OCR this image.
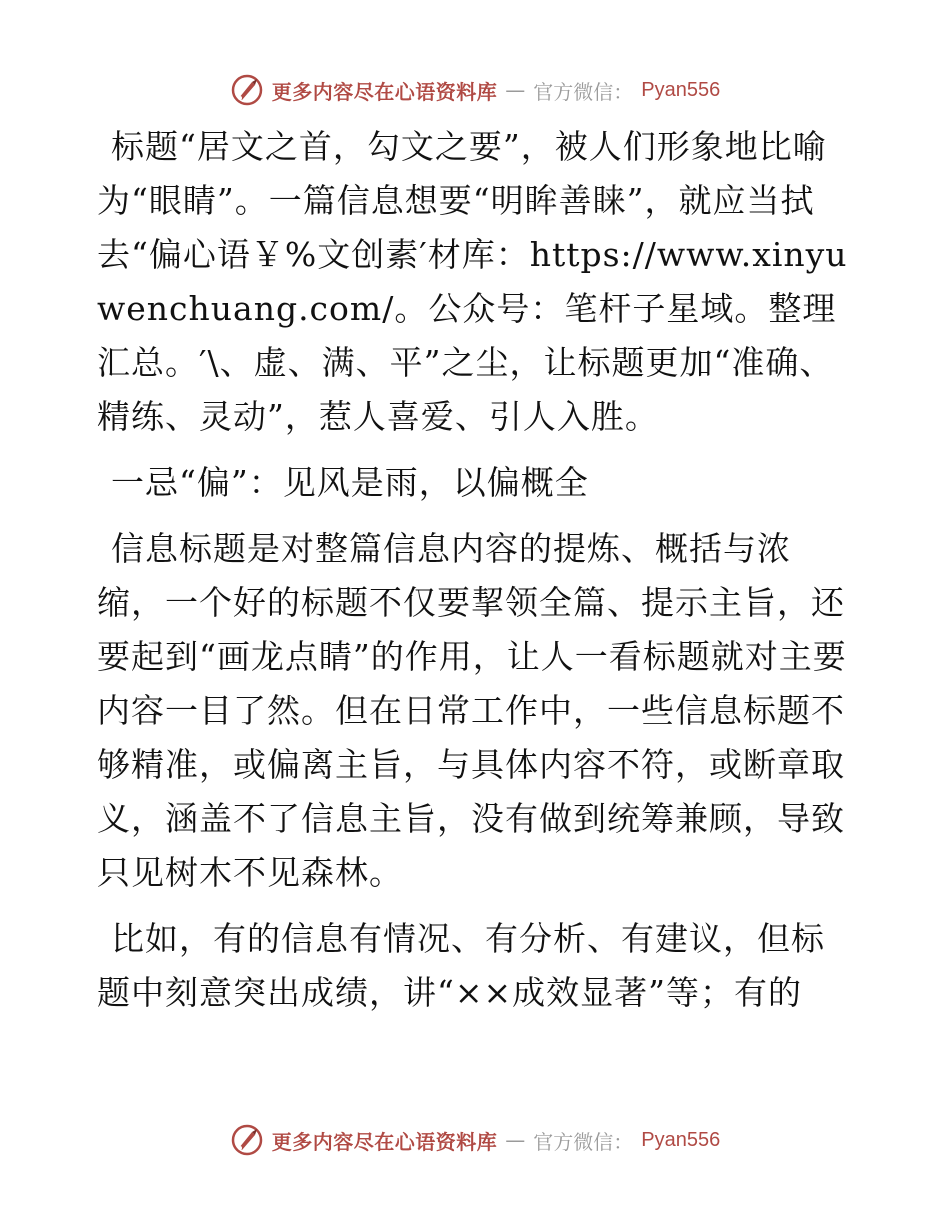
更多内容尽在心语资料库 — 官方微信： Pyan556

标题“居文之首，勾文之要”，被人们形象地比喻为“眼睛”。一篇信息想要“明眸善睐”，就应当拭去“偏心语￥%文创素′材库：https://www.xinyuwenchuang.com/。公众号：笔杆子星域。整理汇总。′\、虚、满、平”之尘，让标题更加“准确、精练、灵动”，惹人喜爱、引人入胜。

一忌“偏”：见风是雨，以偏概全

信息标题是对整篇信息内容的提炼、概括与浓缩，一个好的标题不仅要挈领全篇、提示主旨，还要起到“画龙点睛”的作用，让人一看标题就对主要内容一目了然。但在日常工作中，一些信息标题不够精准，或偏离主旨，与具体内容不符，或断章取义，涵盖不了信息主旨，没有做到统筹兼顾，导致只见树木不见森林。

比如，有的信息有情况、有分析、有建议，但标题中刻意突出成绩，讲“××成效显著”等；有的

更多内容尽在心语资料库 — 官方微信： Pyan556
